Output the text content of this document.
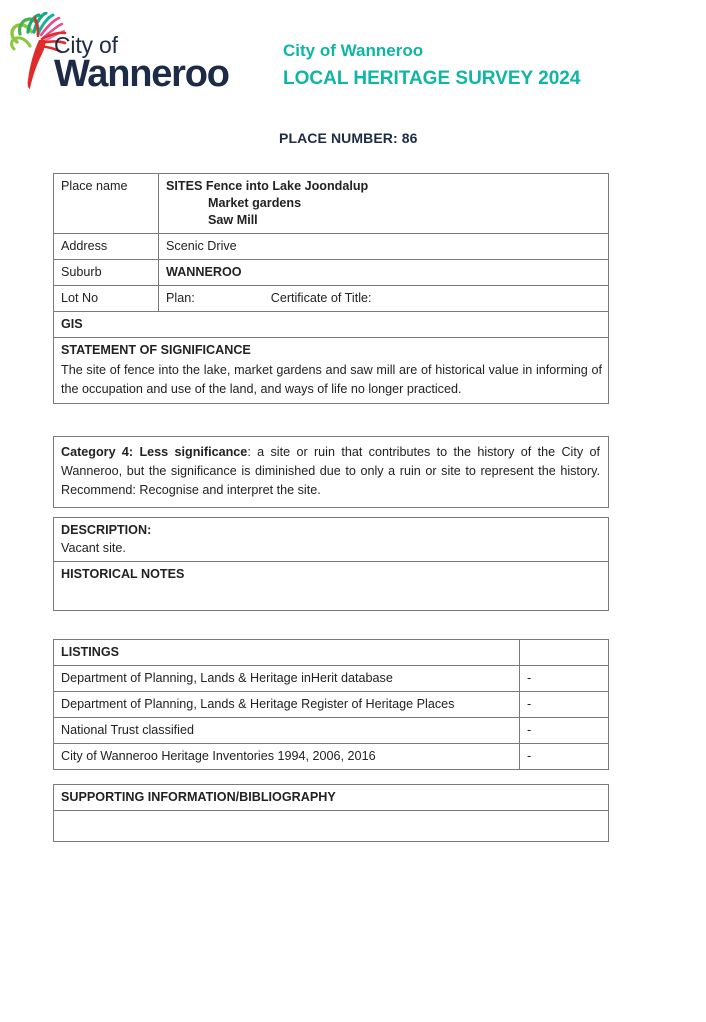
City of
Wanneroo
City of Wanneroo
LOCAL HERITAGE SURVEY 2024
PLACE NUMBER: 86
Place name	SITES Fence into Lake Joondalup
Market gardens
Saw Mill

Address	Scenic Drive
Suburb	WANNEROO
Lot No	Plan: Certificate of Title:
GIS	

STATEMENT OF SIGNIFICANCE
The site of fence into the lake, market gardens and saw mill are of historical value in informing of the occupation and use of the land, and ways of life no longer practiced.	
Category 4: Less significance: a site or ruin that contributes to the history of the City of Wanneroo, but the significance is diminished due to only a ruin or site to represent the history. Recommend: Recognise and interpret the site.
DESCRIPTION:
Vacant site.

HISTORICAL NOTES
LISTINGS	
Department of Planning, Lands & Heritage inHerit database	-
Department of Planning, Lands & Heritage Register of Heritage Places	-
National Trust classified	-
City of Wanneroo Heritage Inventories 1994, 2006, 2016	-
SUPPORTING INFORMATION/BIBLIOGRAPHY
